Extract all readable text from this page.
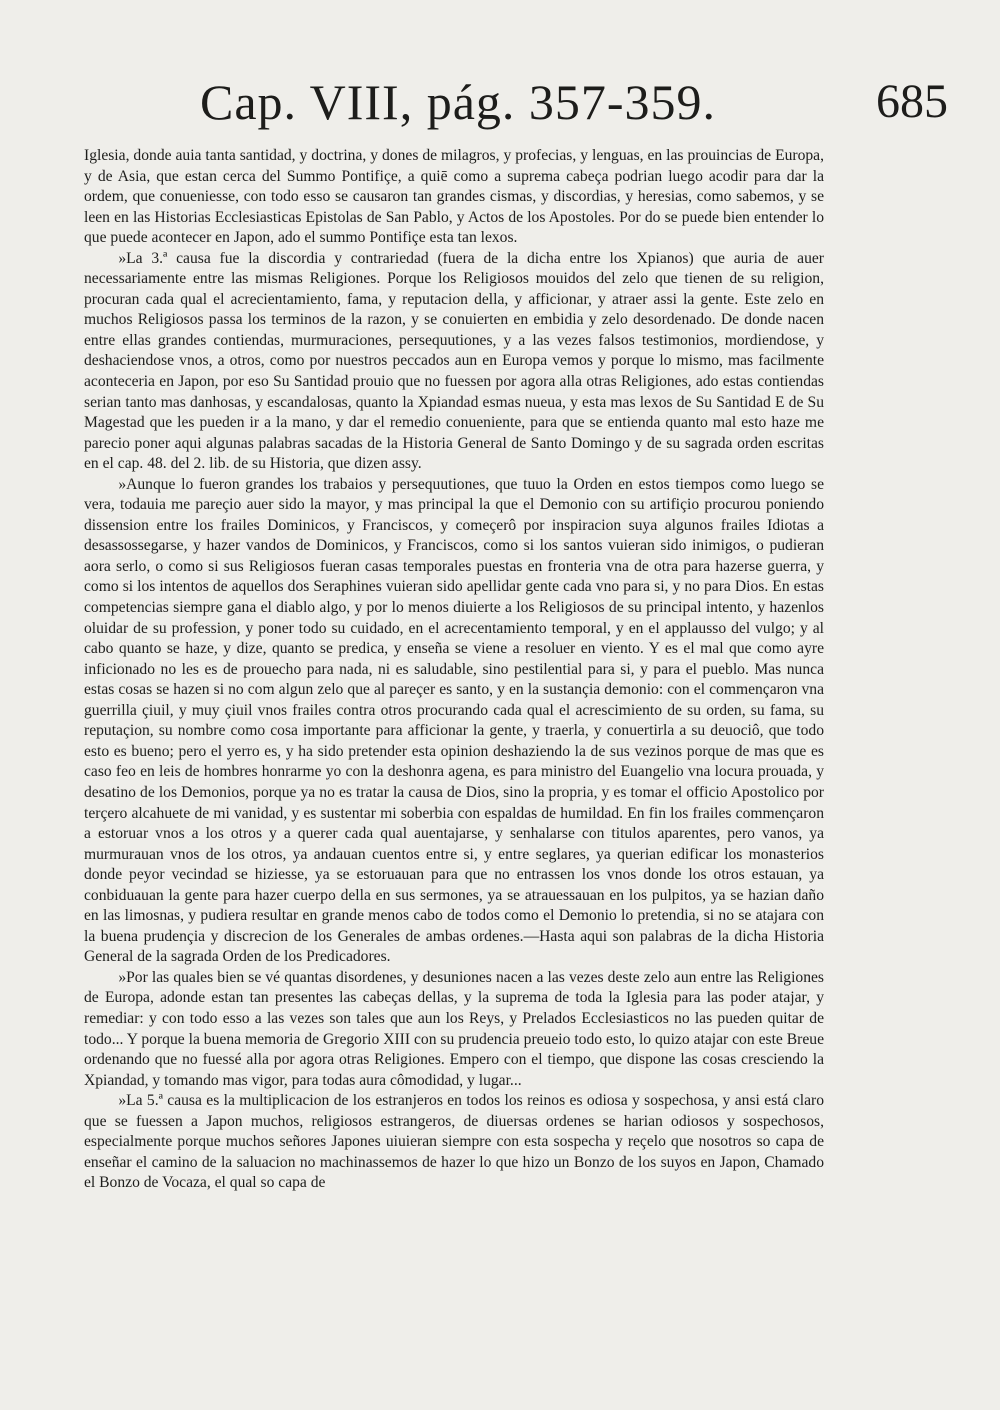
Cap. VIII, pág. 357-359.	685

Iglesia, donde auia tanta santidad, y doctrina, y dones de milagros, y profecias, y lenguas, en las prouincias de Europa, y de Asia, que estan cerca del Summo Pontifiçe, a quiē como a suprema cabeça podrian luego acodir para dar la ordem, que conueniesse, con todo esso se causaron tan grandes cismas, y discordias, y heresias, como sabemos, y se leen en las Historias Ecclesiasticas Epistolas de San Pablo, y Actos de los Apostoles. Por do se puede bien entender lo que puede acontecer en Japon, ado el summo Pontifiçe esta tan lexos.

»La 3.ª causa fue la discordia y contrariedad (fuera de la dicha entre los Xpianos) que auria de auer necessariamente entre las mismas Religiones. Porque los Religiosos mouidos del zelo que tienen de su religion, procuran cada qual el acrecientamiento, fama, y reputacion della, y afficionar, y atraer assi la gente. Este zelo en muchos Religiosos passa los terminos de la razon, y se conuierten en embidia y zelo desordenado. De donde nacen entre ellas grandes contiendas, murmuraciones, persequutiones, y a las vezes falsos testimonios, mordiendose, y deshaciendose vnos, a otros, como por nuestros peccados aun en Europa vemos y porque lo mismo, mas facilmente aconteceria en Japon, por eso Su Santidad prouio que no fuessen por agora alla otras Religiones, ado estas contiendas serian tanto mas danhosas, y escandalosas, quanto la Xpiandad esmas nueua, y esta mas lexos de Su Santidad E de Su Magestad que les pueden ir a la mano, y dar el remedio conueniente, para que se entienda quanto mal esto haze me parecio poner aqui algunas palabras sacadas de la Historia General de Santo Domingo y de su sagrada orden escritas en el cap. 48. del 2. lib. de su Historia, que dizen assy.

»Aunque lo fueron grandes los trabaios y persequutiones, que tuuo la Orden en estos tiempos como luego se vera, todauia me pareçio auer sido la mayor, y mas principal la que el Demonio con su artifiçio procurou poniendo dissension entre los frailes Dominicos, y Franciscos, y começerô por inspiracion suya algunos frailes Idiotas a desassossegarse, y hazer vandos de Dominicos, y Franciscos, como si los santos vuieran sido inimigos, o pudieran aora serlo, o como si sus Religiosos fueran casas temporales puestas en fronteria vna de otra para hazerse guerra, y como si los intentos de aquellos dos Seraphines vuieran sido apellidar gente cada vno para si, y no para Dios. En estas competencias siempre gana el diablo algo, y por lo menos diuierte a los Religiosos de su principal intento, y hazenlos oluidar de su profession, y poner todo su cuidado, en el acrecentamiento temporal, y en el applausso del vulgo; y al cabo quanto se haze, y dize, quanto se predica, y enseña se viene a resoluer en viento. Y es el mal que como ayre inficionado no les es de prouecho para nada, ni es saludable, sino pestilential para si, y para el pueblo. Mas nunca estas cosas se hazen si no com algun zelo que al pareçer es santo, y en la sustançia demonio: con el commençaron vna guerrilla çiuil, y muy çiuil vnos frailes contra otros procurando cada qual el acrescimiento de su orden, su fama, su reputaçion, su nombre como cosa importante para afficionar la gente, y traerla, y conuertirla a su deuociô, que todo esto es bueno; pero el yerro es, y ha sido pretender esta opinion deshaziendo la de sus vezinos porque de mas que es caso feo en leis de hombres honrarme yo con la deshonra agena, es para ministro del Euangelio vna locura prouada, y desatino de los Demonios, porque ya no es tratar la causa de Dios, sino la propria, y es tomar el officio Apostolico por terçero alcahuete de mi vanidad, y es sustentar mi soberbia con espaldas de humildad. En fin los frailes commençaron a estoruar vnos a los otros y a querer cada qual auentajarse, y senhalarse con titulos aparentes, pero vanos, ya murmurauan vnos de los otros, ya andauan cuentos entre si, y entre seglares, ya querian edificar los monasterios donde peyor vecindad se hiziesse, ya se estoruauan para que no entrassen los vnos donde los otros estauan, ya conbiduauan la gente para hazer cuerpo della en sus sermones, ya se atrauessauan en los pulpitos, ya se hazian daño en las limosnas, y pudiera resultar en grande menos cabo de todos como el Demonio lo pretendia, si no se atajara con la buena prudençia y discrecion de los Generales de ambas ordenes.—Hasta aqui son palabras de la dicha Historia General de la sagrada Orden de los Predicadores.

»Por las quales bien se vé quantas disordenes, y desuniones nacen a las vezes deste zelo aun entre las Religiones de Europa, adonde estan tan presentes las cabeças dellas, y la suprema de toda la Iglesia para las poder atajar, y remediar: y con todo esso a las vezes son tales que aun los Reys, y Prelados Ecclesiasticos no las pueden quitar de todo... Y porque la buena memoria de Gregorio XIII con su prudencia preueio todo esto, lo quizo atajar con este Breue ordenando que no fuessé alla por agora otras Religiones. Empero con el tiempo, que dispone las cosas cresciendo la Xpiandad, y tomando mas vigor, para todas aura cômodidad, y lugar...

»La 5.ª causa es la multiplicacion de los estranjeros en todos los reinos es odiosa y sospechosa, y ansi está claro que se fuessen a Japon muchos, religiosos estrangeros, de diuersas ordenes se harian odiosos y sospechosos, especialmente porque muchos señores Japones uiuieran siempre con esta sospecha y reçelo que nosotros so capa de enseñar el camino de la saluacion no machinassemos de hazer lo que hizo un Bonzo de los suyos en Japon, Chamado el Bonzo de Vocaza, el qual so capa de
